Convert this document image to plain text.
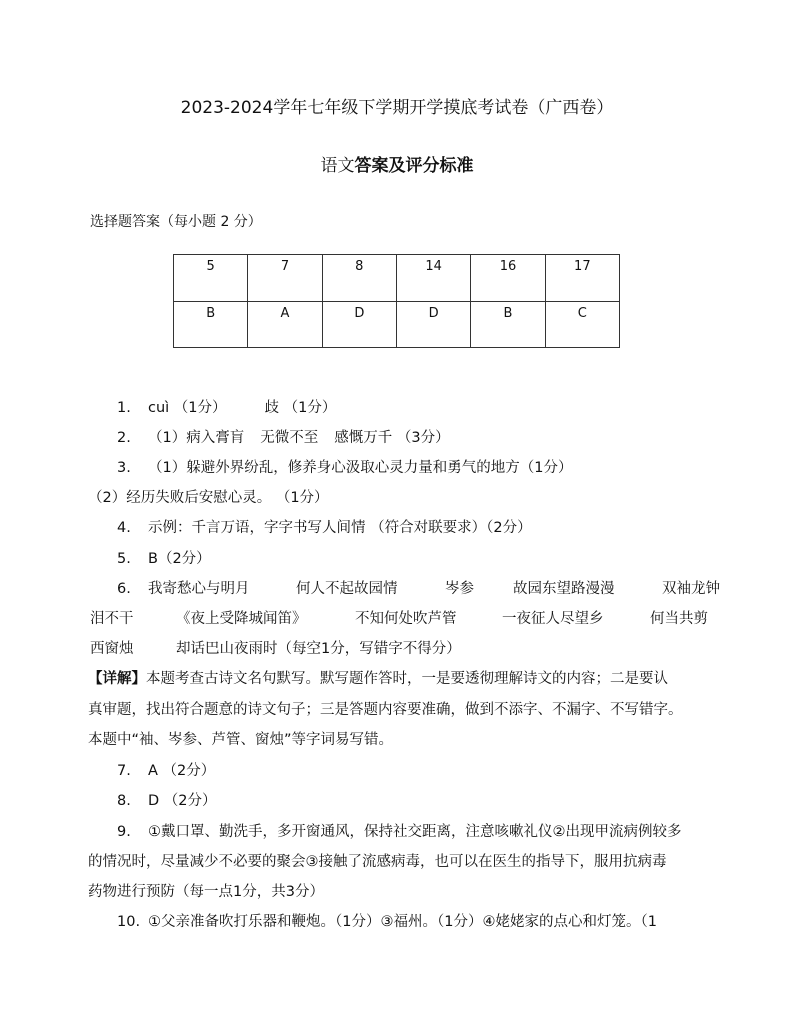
2023-2024学年七年级下学期开学摸底考试卷（广西卷）
语文答案及评分标准
选择题答案（每小题 2 分）
5	7	8	14	16	17
B	A	D	D	B	C
1. cuì （1分）	歧 （1分）
2. （1）病入膏肓 无微不至 感慨万千 （3分）
3. （1）躲避外界纷乱，修养身心汲取心灵力量和勇气的地方（1分）
（2）经历失败后安慰心灵。 （1分）
4. 示例：千言万语，字字书写人间情 （符合对联要求）（2分）
5. B（2分）
6. 我寄愁心与明月	何人不起故园情	岑参	故园东望路漫漫	双袖龙钟
泪不干	《夜上受降城闻笛》	不知何处吹芦管	一夜征人尽望乡	何当共剪
西窗烛	却话巴山夜雨时（每空1分，写错字不得分）
【详解】本题考查古诗文名句默写。默写题作答时，一是要透彻理解诗文的内容；二是要认
真审题，找出符合题意的诗文句子；三是答题内容要准确，做到不添字、不漏字、不写错字。
本题中“袖、岑参、芦管、窗烛”等字词易写错。
7. A （2分）
8. D （2分）
9. ①戴口罩、勤洗手，多开窗通风，保持社交距离，注意咳嗽礼仪②出现甲流病例较多
的情况时，尽量减少不必要的聚会③接触了流感病毒，也可以在医生的指导下，服用抗病毒
药物进行预防（每一点1分，共3分）
10. ①父亲准备吹打乐器和鞭炮。（1分）③福州。（1分）④姥姥家的点心和灯笼。（1
